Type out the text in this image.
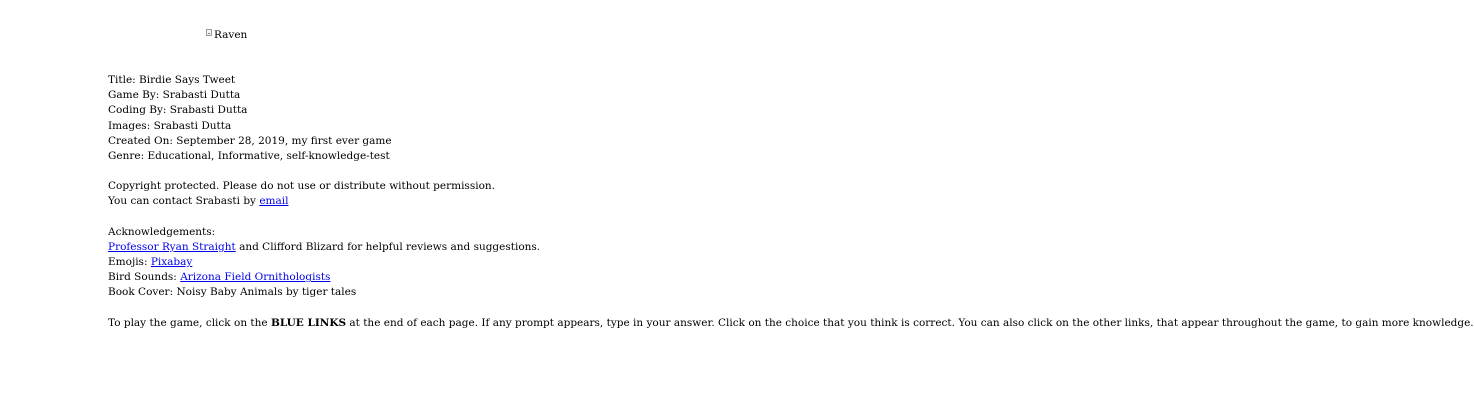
Raven

Title: Birdie Says Tweet

Game By: Srabasti Dutta

Coding By: Srabasti Dutta

Images: Srabasti Dutta

Created On: September 28, 2019, my first ever game

Genre: Educational, Informative, self-knowledge-test

Copyright protected. Please do not use or distribute without permission.

You can contact Srabasti by email

Acknowledgements:

Professor Ryan Straight and Clifford Blizard for helpful reviews and suggestions.

Emojis: Pixabay

Bird Sounds: Arizona Field Ornithologists

Book Cover: Noisy Baby Animals by tiger tales

To play the game, click on the BLUE LINKS at the end of each page. If any prompt appears, type in your answer. Click on the choice that you think is correct. You can also click on the other links, that appear throughout the game, to gain more knowledge.
